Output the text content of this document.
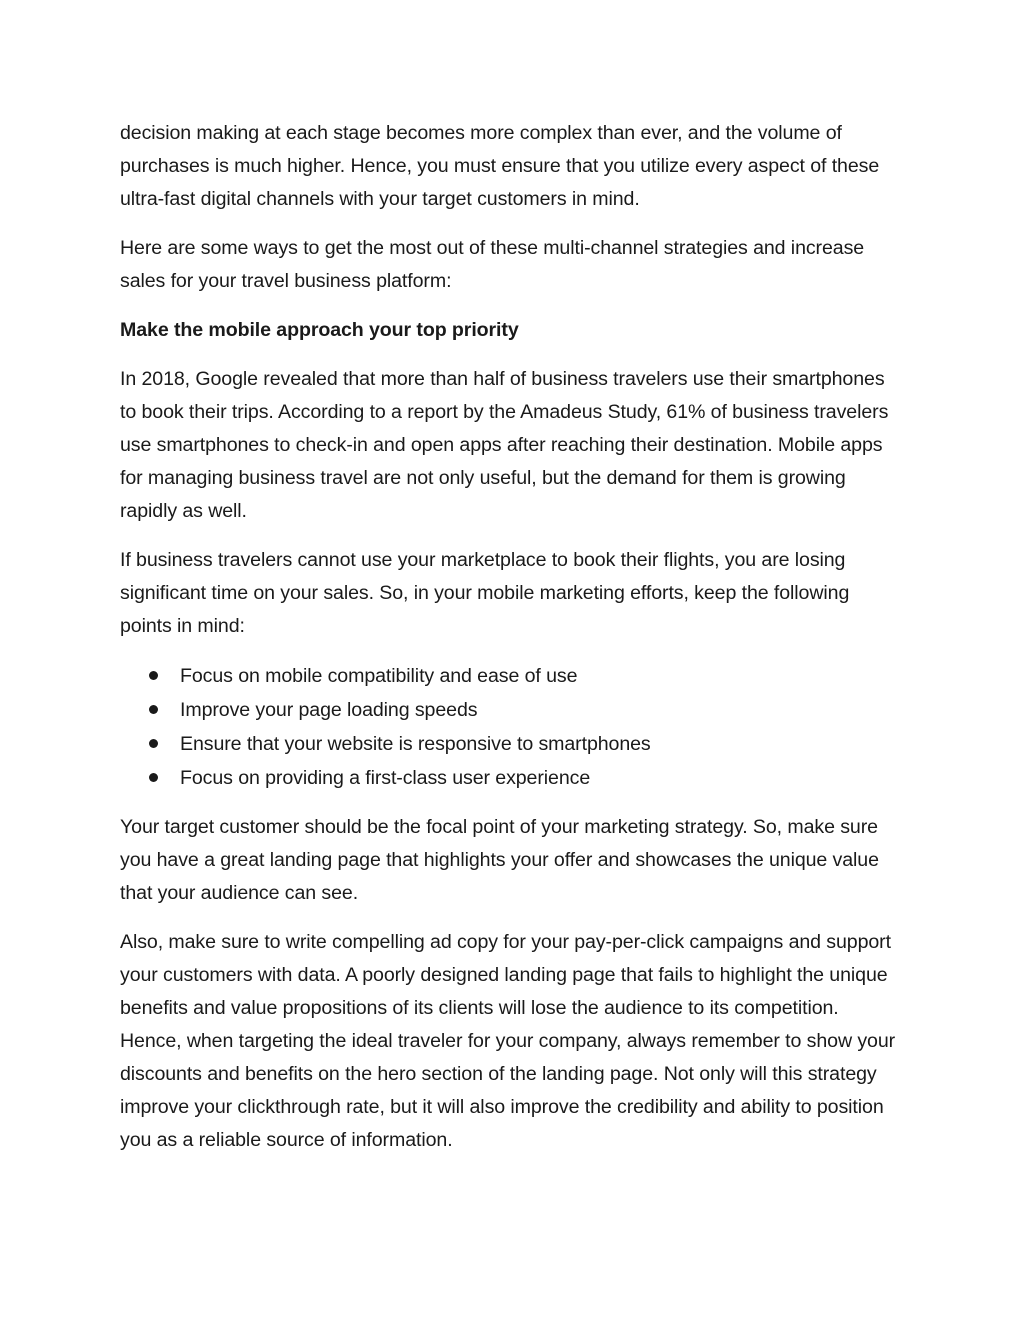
decision making at each stage becomes more complex than ever, and the volume of purchases is much higher. Hence, you must ensure that you utilize every aspect of these ultra-fast digital channels with your target customers in mind.

Here are some ways to get the most out of these multi-channel strategies and increase sales for your travel business platform:

Make the mobile approach your top priority

In 2018, Google revealed that more than half of business travelers use their smartphones to book their trips. According to a report by the Amadeus Study, 61% of business travelers use smartphones to check-in and open apps after reaching their destination. Mobile apps for managing business travel are not only useful, but the demand for them is growing rapidly as well.

If business travelers cannot use your marketplace to book their flights, you are losing significant time on your sales. So, in your mobile marketing efforts, keep the following points in mind:

Focus on mobile compatibility and ease of use
Improve your page loading speeds
Ensure that your website is responsive to smartphones
Focus on providing a first-class user experience

Your target customer should be the focal point of your marketing strategy. So, make sure you have a great landing page that highlights your offer and showcases the unique value that your audience can see.

Also, make sure to write compelling ad copy for your pay-per-click campaigns and support your customers with data. A poorly designed landing page that fails to highlight the unique benefits and value propositions of its clients will lose the audience to its competition. Hence, when targeting the ideal traveler for your company, always remember to show your discounts and benefits on the hero section of the landing page. Not only will this strategy improve your clickthrough rate, but it will also improve the credibility and ability to position you as a reliable source of information.
